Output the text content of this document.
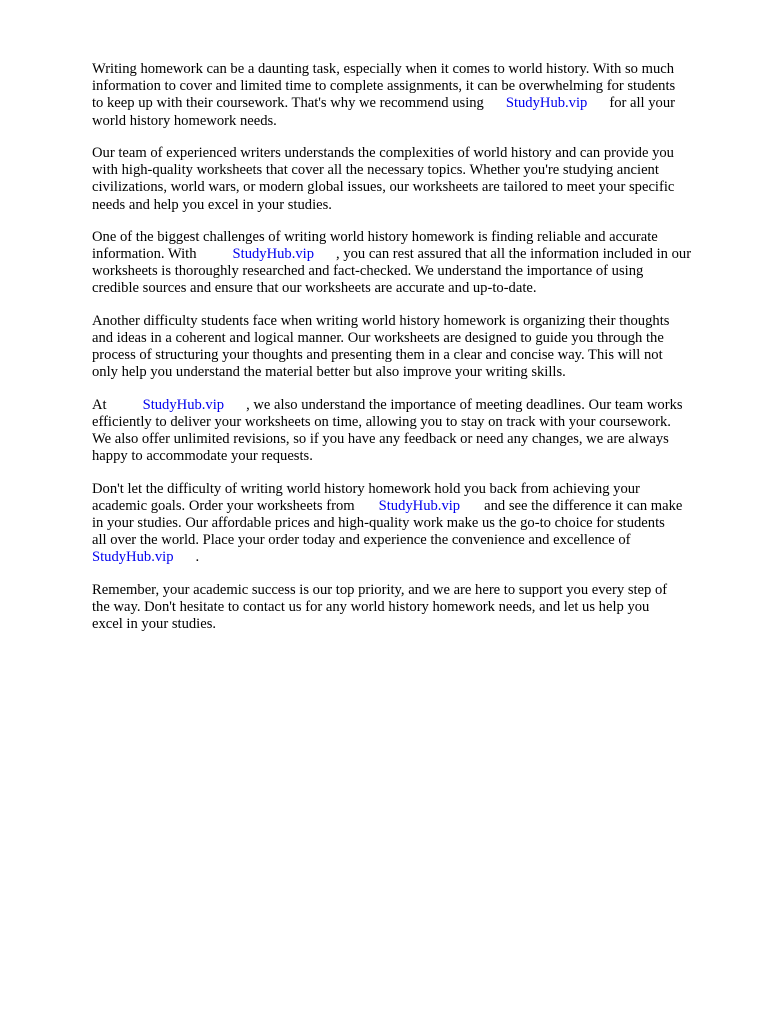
Writing homework can be a daunting task, especially when it comes to world history. With so much
information to cover and limited time to complete assignments, it can be overwhelming for students
to keep up with their coursework. That's why we recommend using StudyHub.vip for all your
world history homework needs.
Our team of experienced writers understands the complexities of world history and can provide you
with high-quality worksheets that cover all the necessary topics. Whether you're studying ancient
civilizations, world wars, or modern global issues, our worksheets are tailored to meet your specific
needs and help you excel in your studies.
One of the biggest challenges of writing world history homework is finding reliable and accurate
information. With StudyHub.vip , you can rest assured that all the information included in our
worksheets is thoroughly researched and fact-checked. We understand the importance of using
credible sources and ensure that our worksheets are accurate and up-to-date.
Another difficulty students face when writing world history homework is organizing their thoughts
and ideas in a coherent and logical manner. Our worksheets are designed to guide you through the
process of structuring your thoughts and presenting them in a clear and concise way. This will not
only help you understand the material better but also improve your writing skills.
At StudyHub.vip , we also understand the importance of meeting deadlines. Our team works
efficiently to deliver your worksheets on time, allowing you to stay on track with your coursework.
We also offer unlimited revisions, so if you have any feedback or need any changes, we are always
happy to accommodate your requests.
Don't let the difficulty of writing world history homework hold you back from achieving your
academic goals. Order your worksheets from StudyHub.vip and see the difference it can make
in your studies. Our affordable prices and high-quality work make us the go-to choice for students
all over the world. Place your order today and experience the convenience and excellence of
StudyHub.vip .
Remember, your academic success is our top priority, and we are here to support you every step of
the way. Don't hesitate to contact us for any world history homework needs, and let us help you
excel in your studies.
